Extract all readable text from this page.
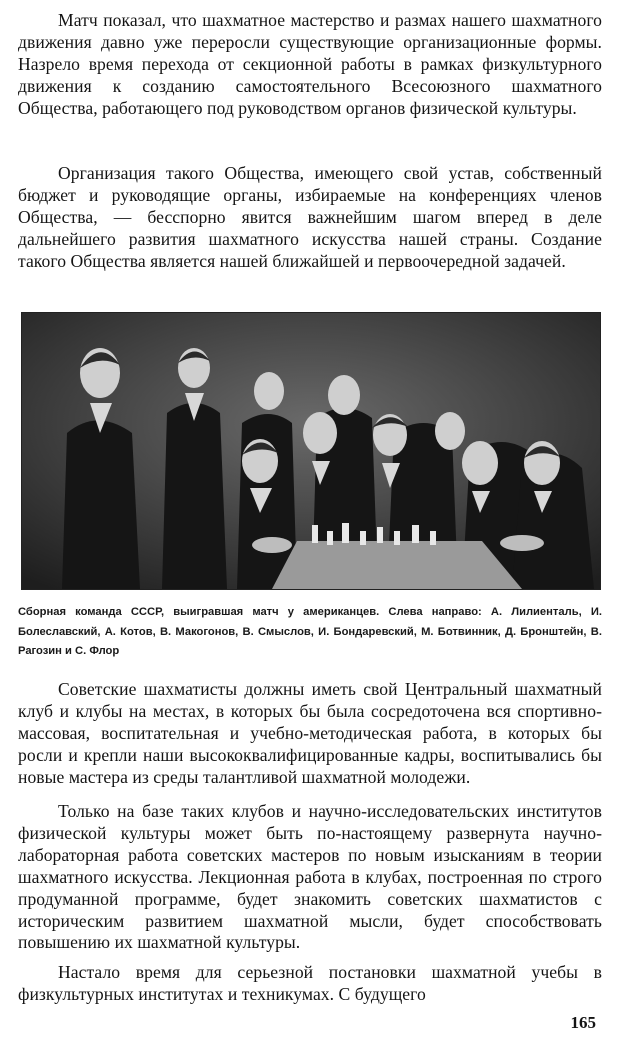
Матч показал, что шахматное мастерство и размах нашего шахматного движения давно уже переросли существующие организационные формы. Назрело время перехода от секционной работы в рамках физкультурного движения к созданию самостоятельного Всесоюзного шахматного Общества, работающего под руководством органов физической культуры.

Организация такого Общества, имеющего свой устав, собственный бюджет и руководящие органы, избираемые на конференциях членов Общества, — бесспорно явится важнейшим шагом вперед в деле дальнейшего развития шахматного искусства нашей страны. Создание такого Общества является нашей ближайшей и первоочередной задачей.

Сборная команда СССР, выигравшая матч у американцев. Слева направо: А. Лилиенталь, И. Болеславский, А. Котов, В. Макогонов, В. Смыслов, И. Бондаревский, М. Ботвинник, Д. Бронштейн, В. Рагозин и С. Флор

Советские шахматисты должны иметь свой Центральный шахматный клуб и клубы на местах, в которых бы была сосредоточена вся спортивно-массовая, воспитательная и учебно-методическая работа, в которых бы росли и крепли наши высококвалифицированные кадры, воспитывались бы новые мастера из среды талантливой шахматной молодежи.

Только на базе таких клубов и научно-исследовательских институтов физической культуры может быть по-настоящему развернута научно-лабораторная работа советских мастеров по новым изысканиям в теории шахматного искусства. Лекционная работа в клубах, построенная по строго продуманной программе, будет знакомить советских шахматистов с историческим развитием шахматной мысли, будет способствовать повышению их шахматной культуры.

Настало время для серьезной постановки шахматной учебы в физкультурных институтах и техникумах. С будущего

165
